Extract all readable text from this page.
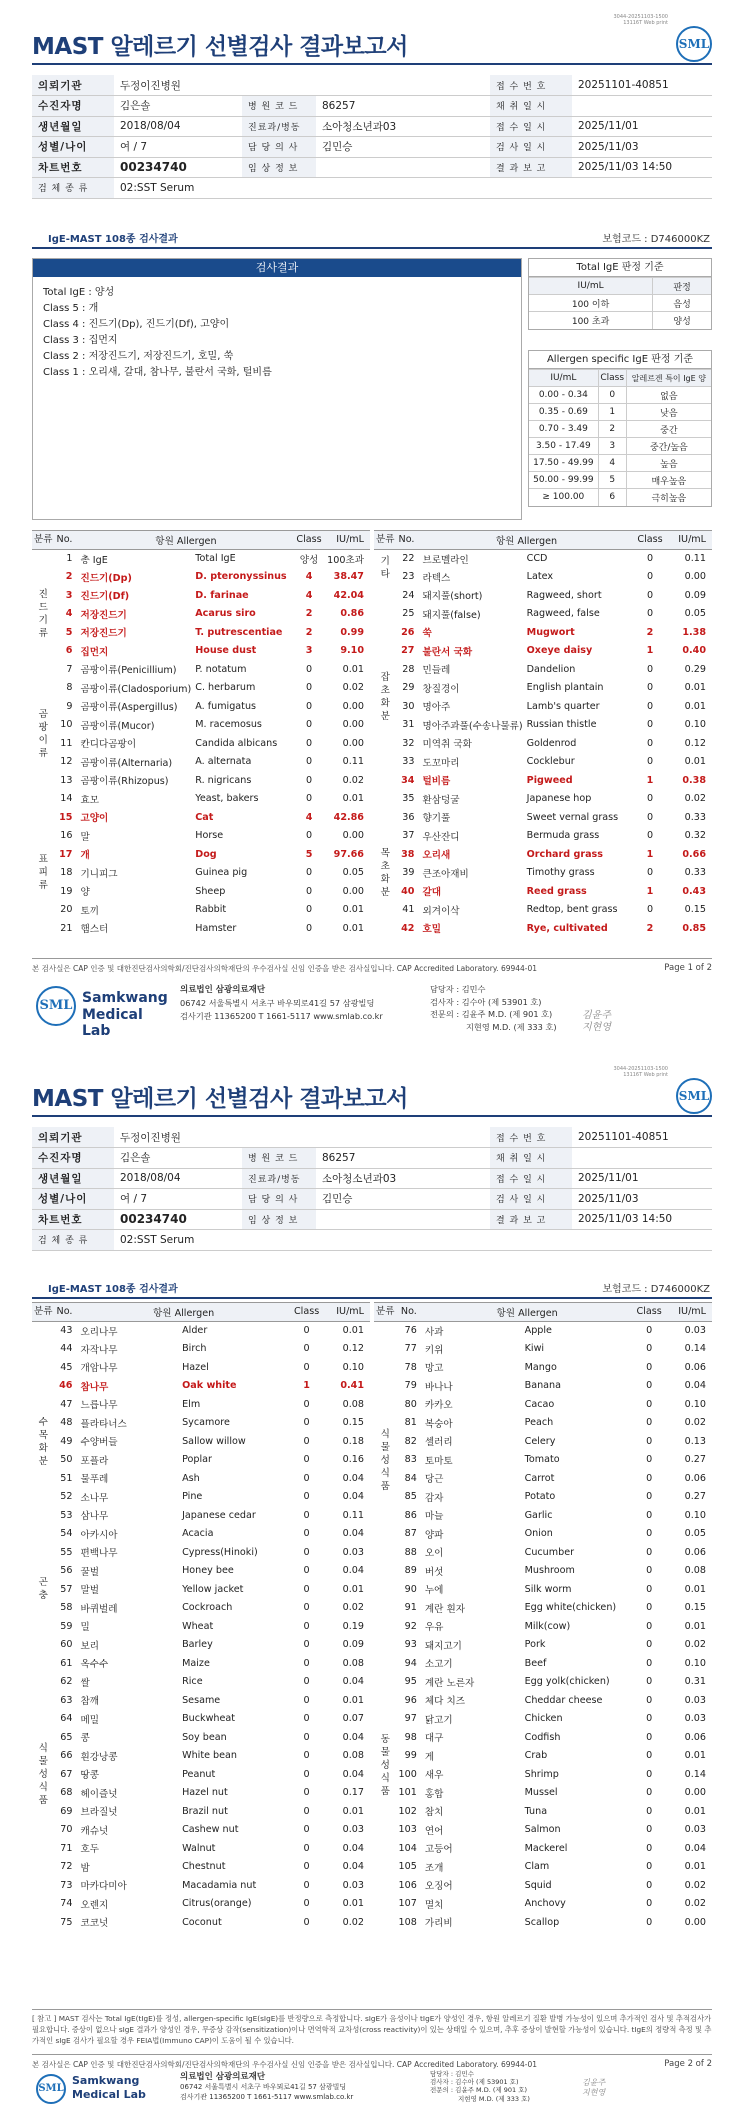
3044-20251103-1500 13116T Web print
MAST 알레르기 선별검사 결과보고서	SML
의뢰기관	두정이진병원			접 수 번 호	20251101-40851
수진자명	김은솔	병 원 코 드	86257	채 취 일 시	
생년월일	2018/08/04	진료과/병동	소아청소년과03	접 수 일 시	2025/11/01
성별/나이	여 / 7	담 당 의 사	김민승	검 사 일 시	2025/11/03
차트번호	00234740	임 상 정 보		결 과 보 고	2025/11/03 14:50
검 체 종 류	02:SST Serum				
IgE-MAST 108종 검사결과	보험코드 : D746000KZ
검사결과
Total IgE : 양성
Class 5 : 개
Class 4 : 진드기(Dp), 진드기(Df), 고양이
Class 3 : 집먼지
Class 2 : 저장진드기, 저장진드기, 호밀, 쑥
Class 1 : 오리새, 갈대, 참나무, 불란서 국화, 털비름
Total IgE 판정 기준
IU/mL	판정
100 이하	음성
100 초과	양성
Allergen specific IgE 판정 기준
IU/mL	Class	알레르겐 특이 IgE 양
0.00 - 0.34	0	없음
0.35 - 0.69	1	낮음
0.70 - 3.49	2	중간
3.50 - 17.49	3	중간/높음
17.50 - 49.99	4	높음
50.00 - 99.99	5	매우높음
≥ 100.00	6	극히높음
분류	No.	항원 Allergen		Class	IU/mL
	1	총 IgE	Total IgE	양성	100초과
진
드
기
류	2	진드기(Dp)	D. pteronyssinus	4	38.47
	3	진드기(Df)	D. farinae	4	42.04
	4	저장진드기	Acarus siro	2	0.86
	5	저장진드기	T. putrescentiae	2	0.99
	6	집먼지	House dust	3	9.10
곰
팡
이
류	7	곰팡이류(Penicillium)	P. notatum	0	0.01
	8	곰팡이류(Cladosporium)	C. herbarum	0	0.02
	9	곰팡이류(Aspergillus)	A. fumigatus	0	0.00
	10	곰팡이류(Mucor)	M. racemosus	0	0.00
	11	칸디다곰팡이	Candida albicans	0	0.00
	12	곰팡이류(Alternaria)	A. alternata	0	0.11
	13	곰팡이류(Rhizopus)	R. nigricans	0	0.02
	14	효모	Yeast, bakers	0	0.01
표
피
류	15	고양이	Cat	4	42.86
	16	말	Horse	0	0.00
	17	개	Dog	5	97.66
	18	기니피그	Guinea pig	0	0.05
	19	양	Sheep	0	0.00
	20	토끼	Rabbit	0	0.01
	21	햄스터	Hamster	0	0.01
분류	No.	항원 Allergen		Class	IU/mL
기
타	22	브로멜라인	CCD	0	0.11
	23	라텍스	Latex	0	0.00
잡
초
화
분	24	돼지풀(short)	Ragweed, short	0	0.09
	25	돼지풀(false)	Ragweed, false	0	0.05
	26	쑥	Mugwort	2	1.38
	27	불란서 국화	Oxeye daisy	1	0.40
	28	민들레	Dandelion	0	0.29
	29	창질경이	English plantain	0	0.01
	30	명아주	Lamb's quarter	0	0.01
	31	명아주과풀(수송나물류)	Russian thistle	0	0.10
	32	미역취 국화	Goldenrod	0	0.12
	33	도꼬마리	Cocklebur	0	0.01
	34	털비름	Pigweed	1	0.38
	35	환삼덩굴	Japanese hop	0	0.02
목
초
화
분	36	향기풀	Sweet vernal grass	0	0.33
	37	우산잔디	Bermuda grass	0	0.32
	38	오리새	Orchard grass	1	0.66
	39	큰조아재비	Timothy grass	0	0.33
	40	갈대	Reed grass	1	0.43
	41	외겨이삭	Redtop, bent grass	0	0.15
	42	호밀	Rye, cultivated	2	0.85
본 검사실은 CAP 인증 및 대한진단검사의학회/진단검사의학재단의 우수검사실 신임 인증을 받은 검사실입니다. CAP Accredited Laboratory. 69944-01	Page 1 of 2
SML Samkwang
Medical Lab
의료법인 삼광의료재단
06742 서울특별시 서초구 바우뫼로41길 57 삼광빌딩
검사기관 11365200 T 1661-5117 www.smlab.co.kr
담당자 : 김민수
검사자 : 김수아 (제 53901 호)
전문의 : 김윤주 M.D. (제 901 호)
지현영 M.D. (제 333 호)
김윤주
지현영
3044-20251103-1500 13116T Web print
MAST 알레르기 선별검사 결과보고서	SML
의뢰기관	두정이진병원			접 수 번 호	20251101-40851
수진자명	김은솔	병 원 코 드	86257	채 취 일 시	
생년월일	2018/08/04	진료과/병동	소아청소년과03	접 수 일 시	2025/11/01
성별/나이	여 / 7	담 당 의 사	김민승	검 사 일 시	2025/11/03
차트번호	00234740	임 상 정 보		결 과 보 고	2025/11/03 14:50
검 체 종 류	02:SST Serum				
IgE-MAST 108종 검사결과	보험코드 : D746000KZ
분류	No.	항원 Allergen		Class	IU/mL
수
목
화
분	43	오리나무	Alder	0	0.01
	44	자작나무	Birch	0	0.12
	45	개암나무	Hazel	0	0.10
	46	참나무	Oak white	1	0.41
	47	느릅나무	Elm	0	0.08
	48	플라타너스	Sycamore	0	0.15
	49	수양버들	Sallow willow	0	0.18
	50	포플라	Poplar	0	0.16
	51	물푸레	Ash	0	0.04
	52	소나무	Pine	0	0.04
	53	삼나무	Japanese cedar	0	0.11
	54	아카시아	Acacia	0	0.04
	55	편백나무	Cypress(Hinoki)	0	0.03
곤
충	56	꿀벌	Honey bee	0	0.04
	57	말벌	Yellow jacket	0	0.01
	58	바퀴벌레	Cockroach	0	0.02
식
물
성
식
품	59	밀	Wheat	0	0.19
	60	보리	Barley	0	0.09
	61	옥수수	Maize	0	0.08
	62	쌀	Rice	0	0.04
	63	참깨	Sesame	0	0.01
	64	메밀	Buckwheat	0	0.07
	65	콩	Soy bean	0	0.04
	66	흰강낭콩	White bean	0	0.08
	67	땅콩	Peanut	0	0.04
	68	헤이즐넛	Hazel nut	0	0.17
	69	브라질넛	Brazil nut	0	0.01
	70	캐슈넛	Cashew nut	0	0.03
	71	호두	Walnut	0	0.04
	72	밤	Chestnut	0	0.04
	73	마카다미아	Macadamia nut	0	0.03
	74	오렌지	Citrus(orange)	0	0.01
	75	코코넛	Coconut	0	0.02
분류	No.	항원 Allergen		Class	IU/mL
식
물
성
식
품	76	사과	Apple	0	0.03
	77	키위	Kiwi	0	0.14
	78	망고	Mango	0	0.06
	79	바나나	Banana	0	0.04
	80	카카오	Cacao	0	0.10
	81	복숭아	Peach	0	0.02
	82	셀러리	Celery	0	0.13
	83	토마토	Tomato	0	0.27
	84	당근	Carrot	0	0.06
	85	감자	Potato	0	0.27
	86	마늘	Garlic	0	0.10
	87	양파	Onion	0	0.05
	88	오이	Cucumber	0	0.06
	89	버섯	Mushroom	0	0.08
	90	누에	Silk worm	0	0.01
동
물
성
식
품	91	계란 흰자	Egg white(chicken)	0	0.15
	92	우유	Milk(cow)	0	0.01
	93	돼지고기	Pork	0	0.02
	94	소고기	Beef	0	0.10
	95	계란 노른자	Egg yolk(chicken)	0	0.31
	96	체다 치즈	Cheddar cheese	0	0.03
	97	닭고기	Chicken	0	0.03
	98	대구	Codfish	0	0.06
	99	게	Crab	0	0.01
	100	새우	Shrimp	0	0.14
	101	홍합	Mussel	0	0.00
	102	참치	Tuna	0	0.01
	103	연어	Salmon	0	0.03
	104	고등어	Mackerel	0	0.04
	105	조개	Clam	0	0.01
	106	오징어	Squid	0	0.02
	107	멸치	Anchovy	0	0.02
	108	가리비	Scallop	0	0.00
[ 참고 ] MAST 검사는 Total IgE(tIgE)를 정성, allergen-specific IgE(sIgE)를 반정량으로 측정합니다. sIgE가 음성이나 tIgE가 양성인 경우, 항원 알레르기 질환 발병 가능성이 있으며 추가적인 검사 및 추적검사가 필요합니다. 증상이 없으나 sIgE 결과가 양성인 경우, 무증상 감작(sensitization)이나 면역학적 교차성(cross reactivity)이 있는 상태일 수 있으며, 추후 증상이 발현할 가능성이 있습니다. tIgE의 정량적 측정 및 추가적인 sIgE 검사가 필요할 경우 FEIA법(Immuno CAP)이 도움이 될 수 있습니다.
본 검사실은 CAP 인증 및 대한진단검사의학회/진단검사의학재단의 우수검사실 신임 인증을 받은 검사실입니다. CAP Accredited Laboratory. 69944-01	Page 2 of 2
SML
Samkwang
Medical Lab
의료법인 삼광의료재단
06742 서울특별시 서초구 바우뫼로41길 57 삼광빌딩
검사기관 11365200 T 1661-5117 www.smlab.co.kr
담당자 : 김민수
검사자 : 김수아 (제 53901 호)
전문의 : 김윤주 M.D. (제 901 호)
지현영 M.D. (제 333 호)
김윤주
지현영
